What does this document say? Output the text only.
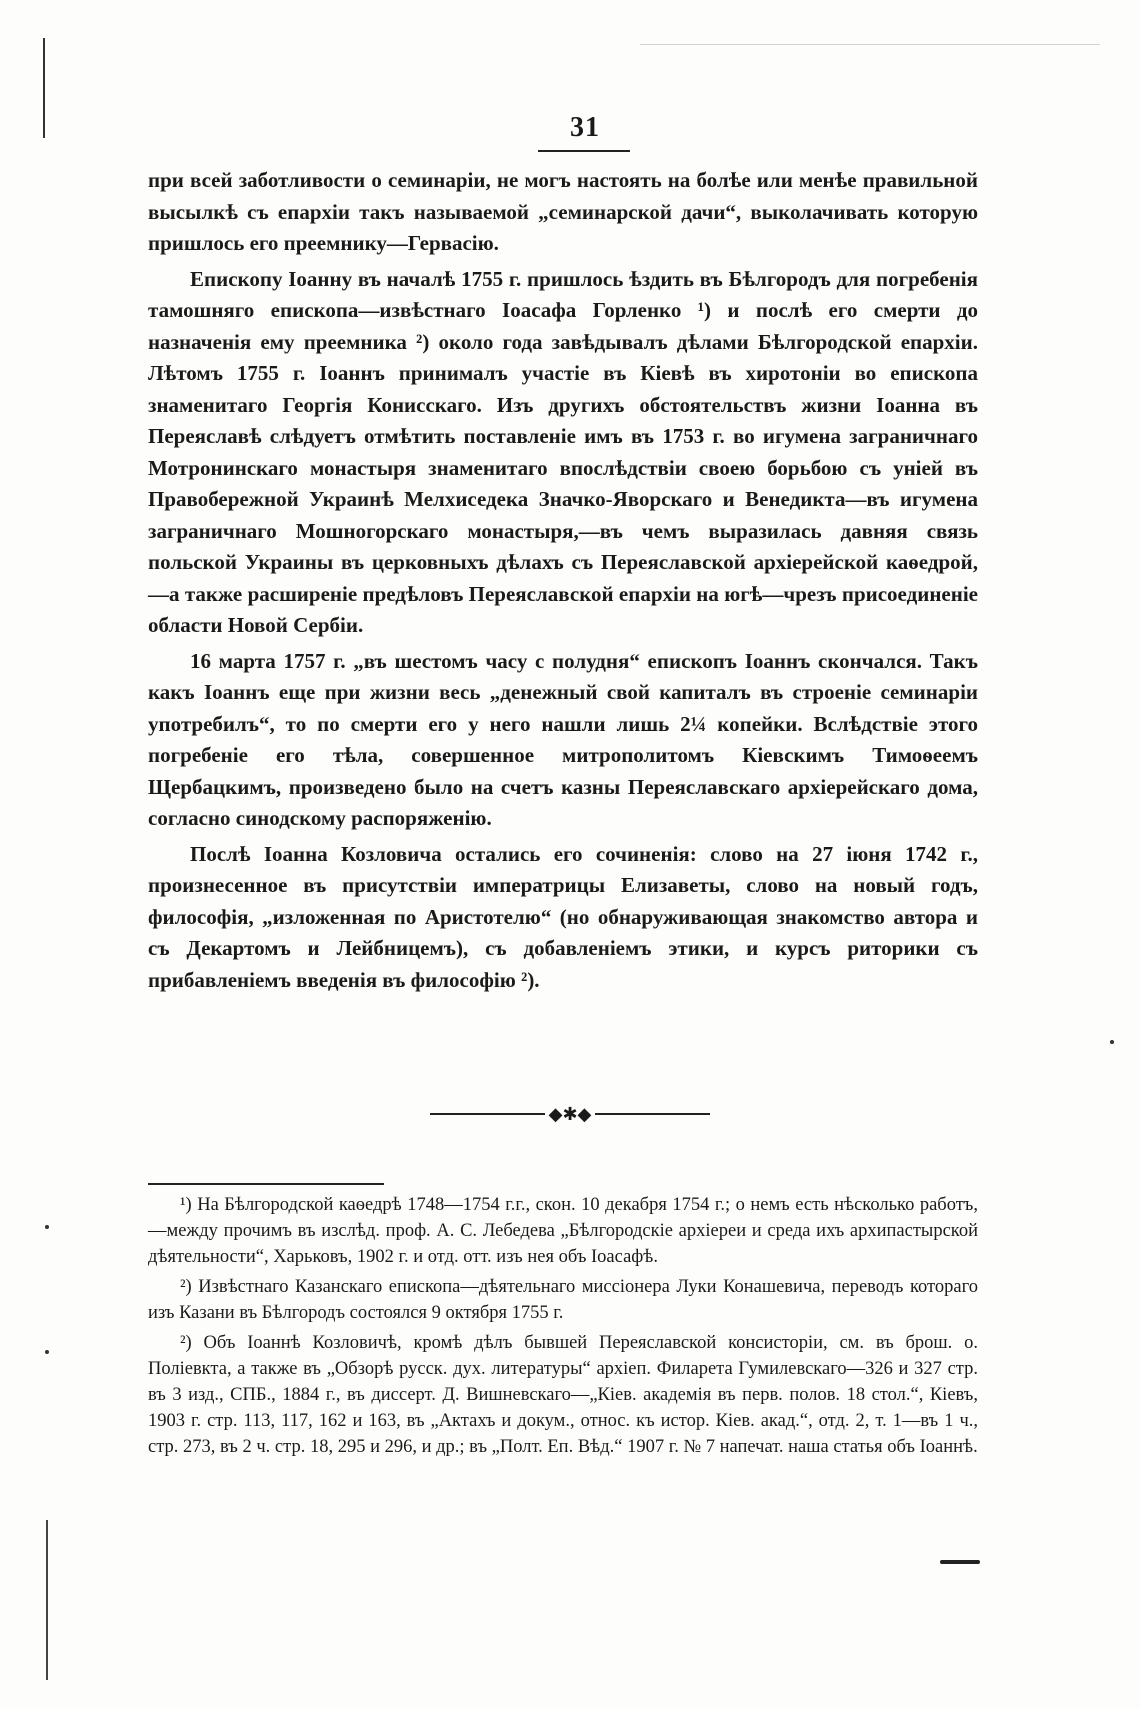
31

при всей заботливости о семинаріи, не могъ настоять на болѣе или менѣе правильной высылкѣ съ епархіи такъ называемой „семинарской дачи“, выколачивать которую пришлось его преемнику—Гервасію.

Епископу Іоанну въ началѣ 1755 г. пришлось ѣздить въ Бѣлгородъ для погребенія тамошняго епископа—извѣстнаго Іоасафа Горленко ¹) и послѣ его смерти до назначенія ему преемника ²) около года завѣдывалъ дѣлами Бѣлгородской епархіи. Лѣтомъ 1755 г. Іоаннъ принималъ участіе въ Кіевѣ въ хиротоніи во епископа знаменитаго Георгія Конисскаго. Изъ другихъ обстоятельствъ жизни Іоанна въ Переяславѣ слѣдуетъ отмѣтить поставленіе имъ въ 1753 г. во игумена заграничнаго Мотронинскаго монастыря знаменитаго впослѣдствіи своею борьбою съ уніей въ Правобережной Украинѣ Мелхиседека Значко-Яворскаго и Венедикта—въ игумена заграничнаго Мошногорскаго монастыря,—въ чемъ выразилась давняя связь польской Украины въ церковныхъ дѣлахъ съ Переяславской архіерейской каѳедрой,—а также расширеніе предѣловъ Переяславской епархіи на югѣ—чрезъ присоединеніе области Новой Сербіи.

16 марта 1757 г. „въ шестомъ часу с полудня“ епископъ Іоаннъ скончался. Такъ какъ Іоаннъ еще при жизни весь „денежный свой капиталъ въ строеніе семинаріи употребилъ“, то по смерти его у него нашли лишь 2¼ копейки. Вслѣдствіе этого погребеніе его тѣла, совершенное митрополитомъ Кіевскимъ Тимоѳеемъ Щербацкимъ, произведено было на счетъ казны Переяславскаго архіерейскаго дома, согласно синодскому распоряженію.

Послѣ Іоанна Козловича остались его сочиненія: слово на 27 іюня 1742 г., произнесенное въ присутствіи императрицы Елизаветы, слово на новый годъ, философія, „изложенная по Аристотелю“ (но обнаруживающая знакомство автора и съ Декартомъ и Лейбницемъ), съ добавленіемъ этики, и курсъ риторики съ прибавленіемъ введенія въ философію ²).

◆✱◆

¹) На Бѣлгородской каѳедрѣ 1748—1754 г.г., скон. 10 декабря 1754 г.; о немъ есть нѣсколько работъ,—между прочимъ въ изслѣд. проф. А. С. Лебедева „Бѣлгородскіе архіереи и среда ихъ архипастырской дѣятельности“, Харьковъ, 1902 г. и отд. отт. изъ нея объ Іоасафѣ.

²) Извѣстнаго Казанскаго епископа—дѣятельнаго миссіонера Луки Конашевича, переводъ котораго изъ Казани въ Бѣлгородъ состоялся 9 октября 1755 г.

²) Объ Іоаннѣ Козловичѣ, кромѣ дѣлъ бывшей Переяславской консисторіи, см. въ брош. о. Поліевкта, а также въ „Обзорѣ русск. дух. литературы“ архіеп. Филарета Гумилевскаго—326 и 327 стр. въ 3 изд., СПБ., 1884 г., въ диссерт. Д. Вишневскаго—„Кіев. академія въ перв. полов. 18 стол.“, Кіевъ, 1903 г. стр. 113, 117, 162 и 163, въ „Актахъ и докум., относ. къ истор. Кіев. акад.“, отд. 2, т. 1—въ 1 ч., стр. 273, въ 2 ч. стр. 18, 295 и 296, и др.; въ „Полт. Еп. Вѣд.“ 1907 г. № 7 напечат. наша статья объ Іоаннѣ.
